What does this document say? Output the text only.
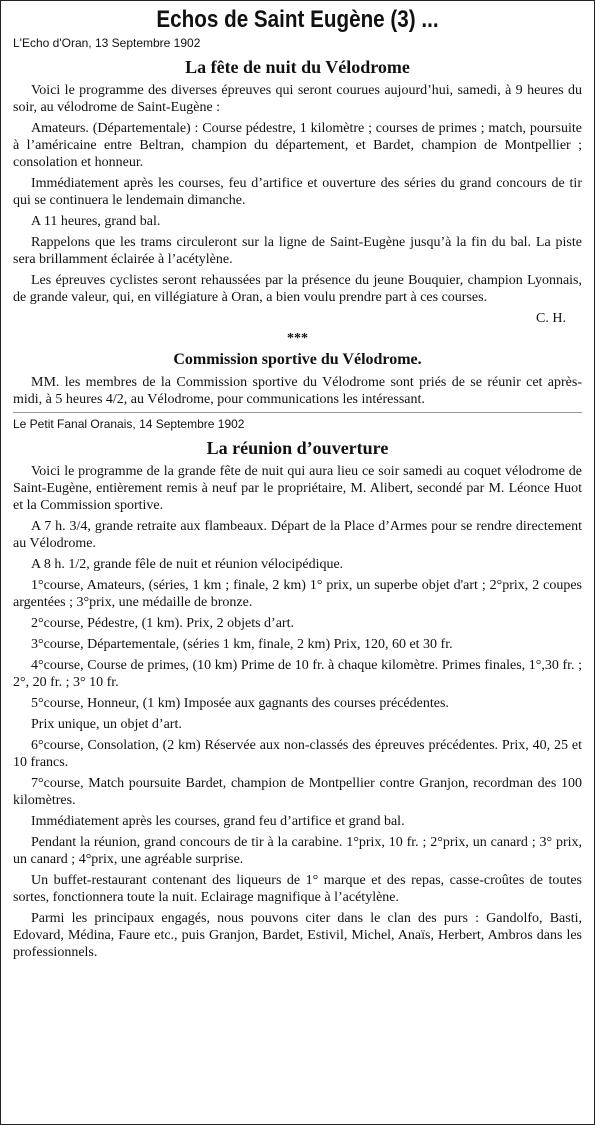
Echos de Saint Eugène (3) ...
L'Echo d'Oran, 13 Septembre 1902
La fête de nuit du Vélodrome

Voici le programme des diverses épreuves qui seront courues aujourd’hui, samedi, à 9 heures du soir, au vélodrome de Saint-Eugène :

Amateurs. (Départementale) : Course pédestre, 1 kilomètre ; courses de primes ; match, poursuite à l’américaine entre Beltran, champion du département, et Bardet, champion de Montpellier ; consolation et honneur.

Immédiatement après les courses, feu d’artifice et ouverture des séries du grand concours de tir qui se continuera le lendemain dimanche.

A 11 heures, grand bal.

Rappelons que les trams circuleront sur la ligne de Saint-Eugène jusqu’à la fin du bal. La piste sera brillamment éclairée à l’acétylène.

Les épreuves cyclistes seront rehaussées par la présence du jeune Bouquier, champion Lyonnais, de grande valeur, qui, en villégiature à Oran, a bien voulu prendre part à ces courses.

C. H.
***
Commission sportive du Vélodrome.

MM. les membres de la Commission sportive du Vélodrome sont priés de se réunir cet après-midi, à 5 heures 4/2, au Vélodrome, pour communications les intéressant.

Le Petit Fanal Oranais, 14 Septembre 1902
La réunion d’ouverture

Voici le programme de la grande fête de nuit qui aura lieu ce soir samedi au coquet vélodrome de Saint-Eugène, entièrement remis à neuf par le propriétaire, M. Alibert, secondé par M. Léonce Huot et la Commission sportive.

A 7 h. 3/4, grande retraite aux flambeaux. Départ de la Place d’Armes pour se rendre directement au Vélodrome.

A 8 h. 1/2, grande fêle de nuit et réunion vélocipédique.

1°course, Amateurs, (séries, 1 km ; finale, 2 km) 1° prix, un superbe objet d'art ; 2°prix, 2 coupes argentées ; 3°prix, une médaille de bronze.

2°course, Pédestre, (1 km). Prix, 2 objets d’art.

3°course, Départementale, (séries 1 km, finale, 2 km) Prix, 120, 60 et 30 fr.

4°course, Course de primes, (10 km) Prime de 10 fr. à chaque kilomètre. Primes finales, 1°,30 fr. ; 2°, 20 fr. ; 3° 10 fr.

5°course, Honneur, (1 km) Imposée aux gagnants des courses précédentes.

Prix unique, un objet d’art.

6°course, Consolation, (2 km) Réservée aux non-classés des épreuves précédentes. Prix, 40, 25 et 10 francs.

7°course, Match poursuite Bardet, champion de Montpellier contre Granjon, recordman des 100 kilomètres.

Immédiatement après les courses, grand feu d’artifice et grand bal.

Pendant la réunion, grand concours de tir à la carabine. 1°prix, 10 fr. ; 2°prix, un canard ; 3° prix, un canard ; 4°prix, une agréable surprise.

Un buffet-restaurant contenant des liqueurs de 1° marque et des repas, casse-croûtes de toutes sortes, fonctionnera toute la nuit. Eclairage magnifique à l’acétylène.

Parmi les principaux engagés, nous pouvons citer dans le clan des purs : Gandolfo, Basti, Edovard, Médina, Faure etc., puis Granjon, Bardet, Estivil, Michel, Anaïs, Herbert, Ambros dans les professionnels.
